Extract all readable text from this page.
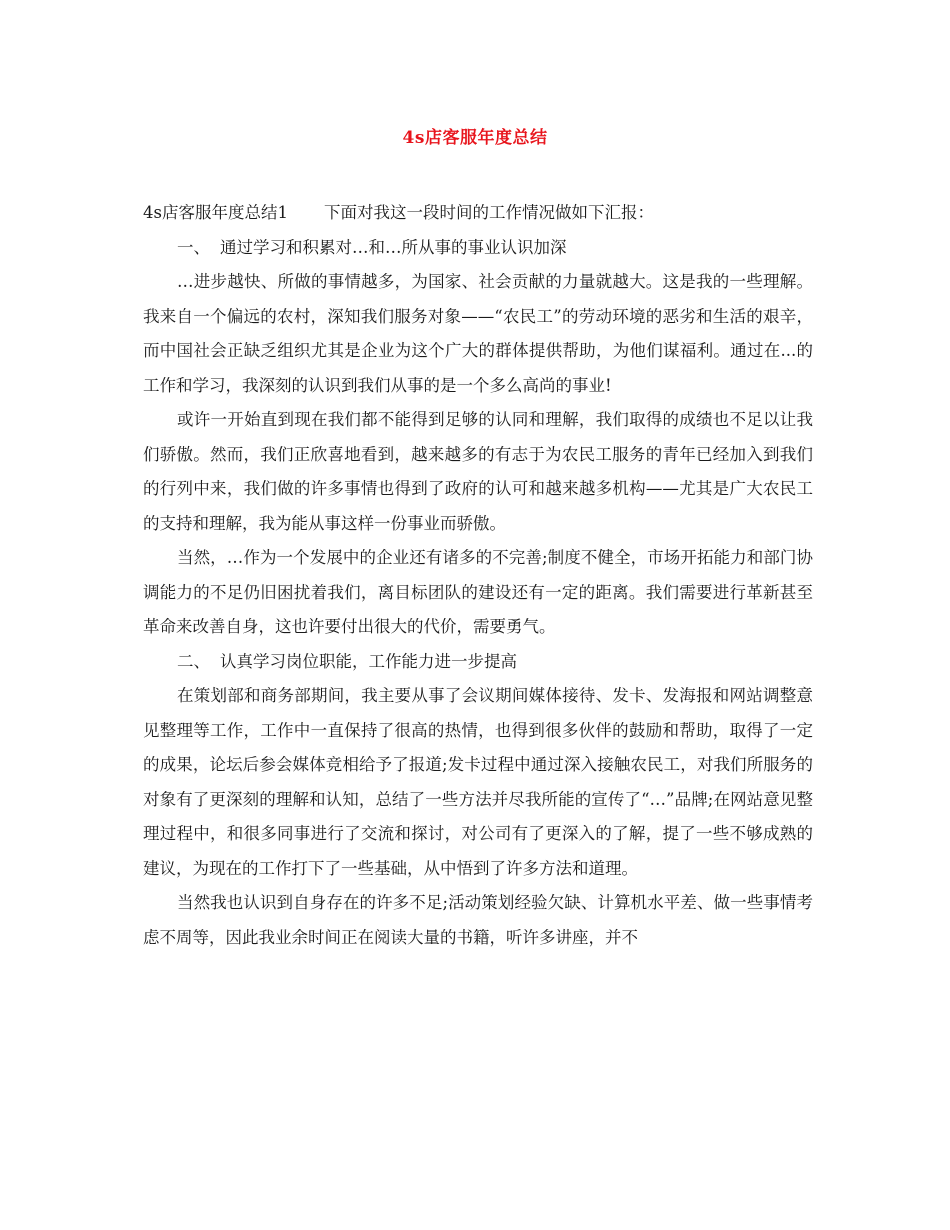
4s店客服年度总结

4s店客服年度总结1 下面对我这一段时间的工作情况做如下汇报：

一、 通过学习和积累对…和…所从事的事业认识加深

…进步越快、所做的事情越多，为国家、社会贡献的力量就越大。这是我的一些理解。我来自一个偏远的农村，深知我们服务对象——“农民工”的劳动环境的恶劣和生活的艰辛，而中国社会正缺乏组织尤其是企业为这个广大的群体提供帮助，为他们谋福利。通过在...的工作和学习，我深刻的认识到我们从事的是一个多么高尚的事业!

或许一开始直到现在我们都不能得到足够的认同和理解，我们取得的成绩也不足以让我们骄傲。然而，我们正欣喜地看到，越来越多的有志于为农民工服务的青年已经加入到我们的行列中来，我们做的许多事情也得到了政府的认可和越来越多机构——尤其是广大农民工的支持和理解，我为能从事这样一份事业而骄傲。

当然，…作为一个发展中的企业还有诸多的不完善;制度不健全，市场开拓能力和部门协调能力的不足仍旧困扰着我们，离目标团队的建设还有一定的距离。我们需要进行革新甚至革命来改善自身，这也许要付出很大的代价，需要勇气。

二、 认真学习岗位职能，工作能力进一步提高

在策划部和商务部期间，我主要从事了会议期间媒体接待、发卡、发海报和网站调整意见整理等工作，工作中一直保持了很高的热情，也得到很多伙伴的鼓励和帮助，取得了一定的成果，论坛后参会媒体竞相给予了报道;发卡过程中通过深入接触农民工，对我们所服务的对象有了更深刻的理解和认知，总结了一些方法并尽我所能的宣传了“…”品牌;在网站意见整理过程中，和很多同事进行了交流和探讨，对公司有了更深入的了解，提了一些不够成熟的建议，为现在的工作打下了一些基础，从中悟到了许多方法和道理。

当然我也认识到自身存在的许多不足;活动策划经验欠缺、计算机水平差、做一些事情考虑不周等，因此我业余时间正在阅读大量的书籍，听许多讲座，并不
